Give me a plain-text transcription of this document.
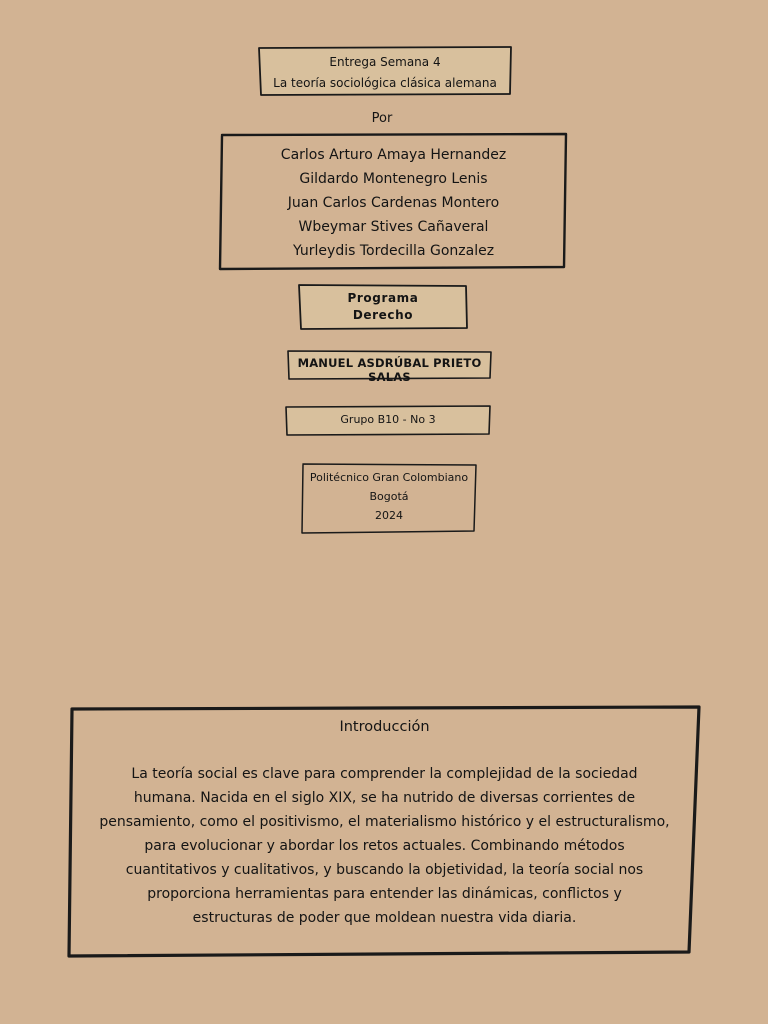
Entrega Semana 4
La teoría sociológica clásica alemana
Por
Carlos Arturo Amaya Hernandez
Gildardo Montenegro Lenis
Juan Carlos Cardenas Montero
Wbeymar Stives Cañaveral
Yurleydis Tordecilla Gonzalez
Programa
Derecho
MANUEL ASDRÚBAL PRIETO SALAS
Grupo B10 - No 3
Politécnico Gran Colombiano
Bogotá
2024
Introducción
La teoría social es clave para comprender la complejidad de la sociedad
humana. Nacida en el siglo XIX, se ha nutrido de diversas corrientes de
pensamiento, como el positivismo, el materialismo histórico y el estructuralismo,
para evolucionar y abordar los retos actuales. Combinando métodos
cuantitativos y cualitativos, y buscando la objetividad, la teoría social nos
proporciona herramientas para entender las dinámicas, conflictos y
estructuras de poder que moldean nuestra vida diaria.
